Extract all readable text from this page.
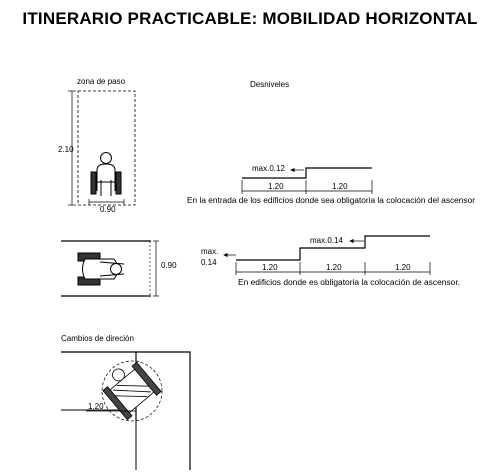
ITINERARIO PRACTICABLE: MOBILIDAD HORIZONTAL
zona de paso
2.10
0.90
0.90
Desniveles
max.0.12
1.20	1.20
En la entrada de los edificios donde sea obligatoria la colocación del ascensor
max.0.14
max.
0.14
1.20	1.20	1.20
En edificios donde es obligatoria la colocación de ascensor.
Cambios de direción
1.20
